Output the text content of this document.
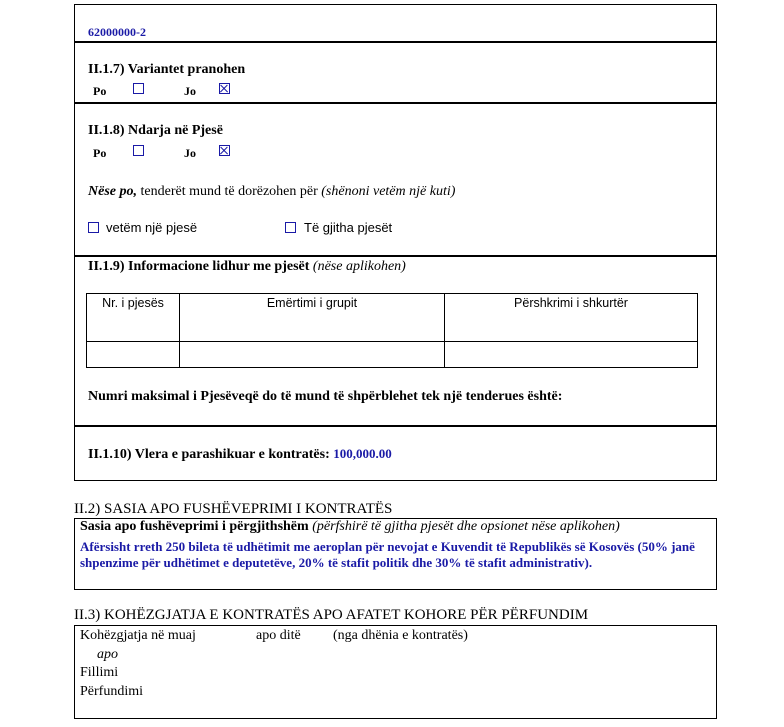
62000000-2
II.1.7) Variantet pranohen
Po	Jo
II.1.8) Ndarja në Pjesë
Po	Jo
Nëse po, tenderët mund të dorëzohen për (shënoni vetëm një kuti)
vetëm një pjesë	Të gjitha pjesët
II.1.9) Informacione lidhur me pjesët (nëse aplikohen)
Nr. i pjesës	Emërtimi i grupit	Përshkrimi i shkurtër

Numri maksimal i Pjesëveqë do të mund të shpërblehet tek një tenderues është:
II.1.10) Vlera e parashikuar e kontratës: 100,000.00
II.2) SASIA APO FUSHËVEPRIMI I KONTRATËS
Sasia apo fushëveprimi i përgjithshëm (përfshirë të gjitha pjesët dhe opsionet nëse aplikohen)
Afërsisht rreth 250 bileta të udhëtimit me aeroplan për nevojat e Kuvendit të Republikës së Kosovës (50% janë shpenzime për udhëtimet e deputetëve, 20% të stafit politik dhe 30% të stafit administrativ).
II.3) KOHËZGJATJA E KONTRATËS APO AFATET KOHORE PËR PËRFUNDIM
Kohëzgjatja në muaj	apo ditë (nga dhënia e kontratës)
apo
Fillimi
Përfundimi
